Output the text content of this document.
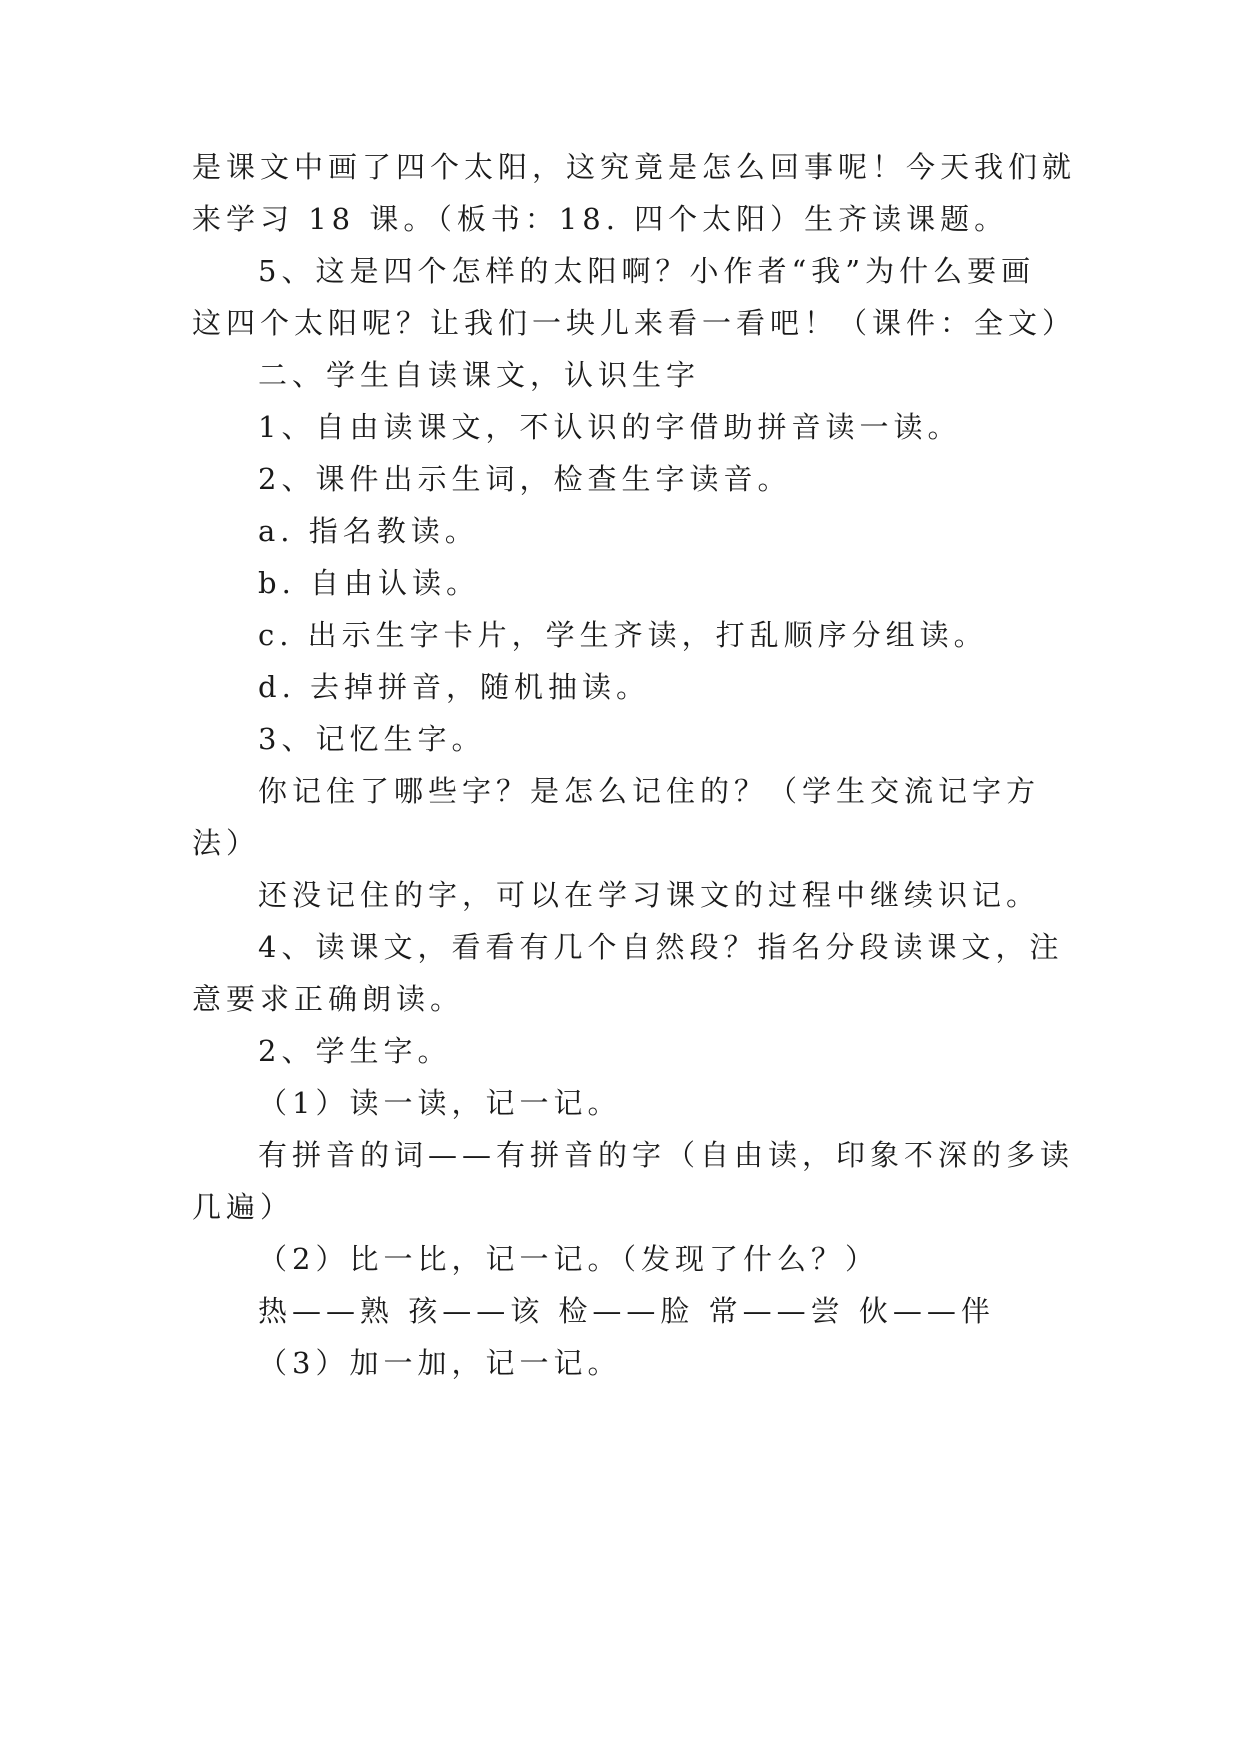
是课文中画了四个太阳，这究竟是怎么回事呢！今天我们就
来学习 18 课。（板书：18. 四个太阳）生齐读课题。
5、这是四个怎样的太阳啊？小作者“我”为什么要画
这四个太阳呢？让我们一块儿来看一看吧！（课件：全文）
二、学生自读课文，认识生字
1、自由读课文，不认识的字借助拼音读一读。
2、课件出示生词，检查生字读音。
a. 指名教读。
b. 自由认读。
c. 出示生字卡片，学生齐读，打乱顺序分组读。
d. 去掉拼音，随机抽读。
3、记忆生字。
你记住了哪些字？是怎么记住的？（学生交流记字方
法）
还没记住的字，可以在学习课文的过程中继续识记。
4、读课文，看看有几个自然段？指名分段读课文，注
意要求正确朗读。
2、学生字。
（1）读一读，记一记。
有拼音的词——有拼音的字（自由读，印象不深的多读
几遍）
（2）比一比，记一记。（发现了什么？）
热——熟 孩——该 检——脸 常——尝 伙——伴
（3）加一加，记一记。
